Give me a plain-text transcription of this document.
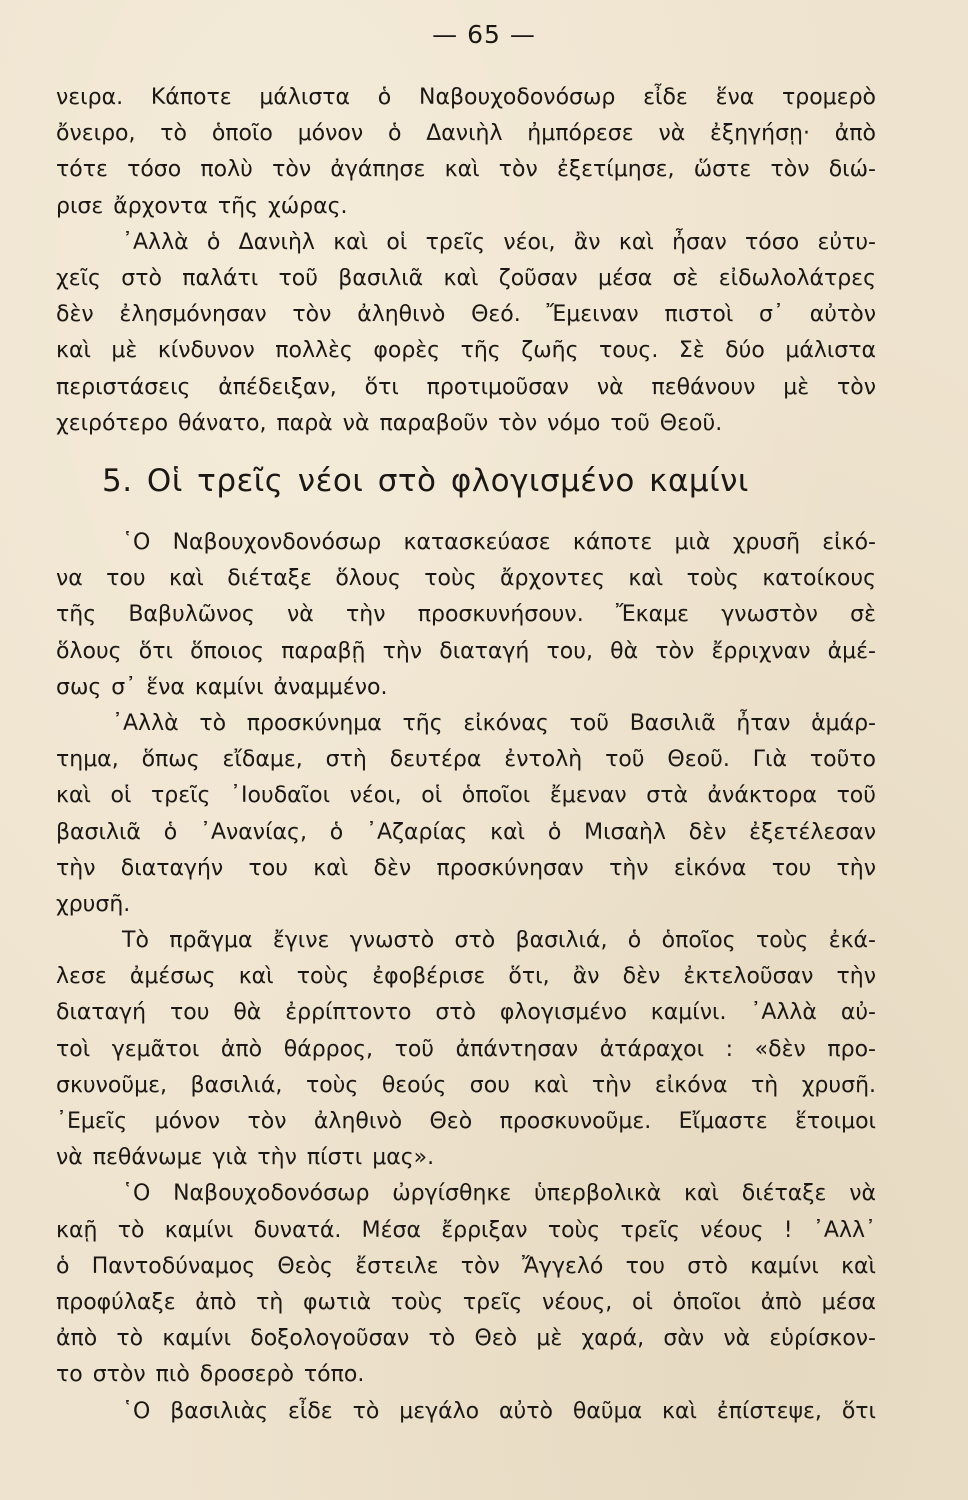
— 65 —
νειρα. Κάποτε μάλιστα ὁ Ναβουχοδονόσωρ εἶδε ἕνα τρομερὸ
ὄνειρο, τὸ ὁποῖο μόνον ὁ Δανιὴλ ἠμπόρεσε νὰ ἐξηγήσῃ· ἀπὸ
τότε τόσο πολὺ τὸν ἀγάπησε καὶ τὸν ἐξετίμησε, ὥστε τὸν διώ-
ρισε ἄρχοντα τῆς χώρας.
᾿Αλλὰ ὁ Δανιὴλ καὶ οἱ τρεῖς νέοι, ἂν καὶ ἦσαν τόσο εὐτυ-
χεῖς στὸ παλάτι τοῦ βασιλιᾶ καὶ ζοῦσαν μέσα σὲ εἰδωλολάτρες
δὲν ἐλησμόνησαν τὸν ἀληθινὸ Θεό. Ἔμειναν πιστοὶ σ᾿ αὐτὸν
καὶ μὲ κίνδυνον πολλὲς φορὲς τῆς ζωῆς τους. Σὲ δύο μάλιστα
περιστάσεις ἀπέδειξαν, ὅτι προτιμοῦσαν νὰ πεθάνουν μὲ τὸν
χειρότερο θάνατο, παρὰ νὰ παραβοῦν τὸν νόμο τοῦ Θεοῦ.
5. Οἱ τρεῖς νέοι στὸ φλογισμένο καμίνι
῾Ο Ναβουχονδονόσωρ κατασκεύασε κάποτε μιὰ χρυσῆ εἰκό-
να του καὶ διέταξε ὅλους τοὺς ἄρχοντες καὶ τοὺς κατοίκους
τῆς Βαβυλῶνος νὰ τὴν προσκυνήσουν. Ἔκαμε γνωστὸν σὲ
ὅλους ὅτι ὅποιος παραβῇ τὴν διαταγή του, θὰ τὸν ἔρριχναν ἀμέ-
σως σ᾿ ἕνα καμίνι ἀναμμένο.
᾿Αλλὰ τὸ προσκύνημα τῆς εἰκόνας τοῦ Βασιλιᾶ ἦταν ἁμάρ-
τημα, ὅπως εἴδαμε, στὴ δευτέρα ἐντολὴ τοῦ Θεοῦ. Γιὰ τοῦτο
καὶ οἱ τρεῖς ᾿Ιουδαῖοι νέοι, οἱ ὁποῖοι ἔμεναν στὰ ἀνάκτορα τοῦ
βασιλιᾶ ὁ ᾿Ανανίας, ὁ ᾿Αζαρίας καὶ ὁ Μισαὴλ δὲν ἐξετέλεσαν
τὴν διαταγήν του καὶ δὲν προσκύνησαν τὴν εἰκόνα του τὴν
χρυσῆ.
Τὸ πρᾶγμα ἔγινε γνωστὸ στὸ βασιλιά, ὁ ὁποῖος τοὺς ἐκά-
λεσε ἀμέσως καὶ τοὺς ἐφοβέρισε ὅτι, ἂν δὲν ἐκτελοῦσαν τὴν
διαταγή του θὰ ἐρρίπτοντο στὸ φλογισμένο καμίνι. ᾿Αλλὰ αὐ-
τοὶ γεμᾶτοι ἀπὸ θάρρος, τοῦ ἀπάντησαν ἀτάραχοι : «δὲν προ-
σκυνοῦμε, βασιλιά, τοὺς θεούς σου καὶ τὴν εἰκόνα τὴ χρυσῆ.
᾿Εμεῖς μόνον τὸν ἀληθινὸ Θεὸ προσκυνοῦμε. Εἴμαστε ἕτοιμοι
νὰ πεθάνωμε γιὰ τὴν πίστι μας».
῾Ο Ναβουχοδονόσωρ ὠργίσθηκε ὑπερβολικὰ καὶ διέταξε νὰ
καῇ τὸ καμίνι δυνατά. Μέσα ἔρριξαν τοὺς τρεῖς νέους ! ᾿Αλλ᾿
ὁ Παντοδύναμος Θεὸς ἔστειλε τὸν Ἄγγελό του στὸ καμίνι καὶ
προφύλαξε ἀπὸ τὴ φωτιὰ τοὺς τρεῖς νέους, οἱ ὁποῖοι ἀπὸ μέσα
ἀπὸ τὸ καμίνι δοξολογοῦσαν τὸ Θεὸ μὲ χαρά, σὰν νὰ εὑρίσκον-
το στὸν πιὸ δροσερὸ τόπο.
῾Ο βασιλιὰς εἶδε τὸ μεγάλο αὐτὸ θαῦμα καὶ ἐπίστεψε, ὅτι
